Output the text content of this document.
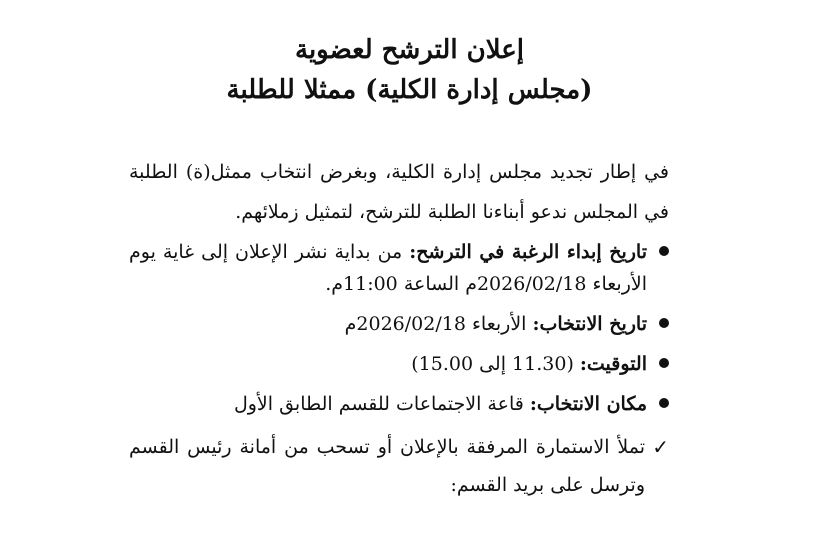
إعلان الترشح لعضوية
(مجلس إدارة الكلية) ممثلا للطلبة

في إطار تجديد مجلس إدارة الكلية، وبغرض انتخاب ممثل(ة) الطلبة في المجلس ندعو أبناءنا الطلبة للترشح، لتمثيل زملائهم.

تاريخ إبداء الرغبة في الترشح: من بداية نشر الإعلان إلى غاية يوم الأربعاء 2026/02/18م الساعة 11:00م.
تاريخ الانتخاب: الأربعاء 2026/02/18م
التوقيت: (11.30 إلى 15.00)
مكان الانتخاب: قاعة الاجتماعات للقسم الطابق الأول
✓
تملأ الاستمارة المرفقة بالإعلان أو تسحب من أمانة رئيس القسم وترسل على بريد القسم:
